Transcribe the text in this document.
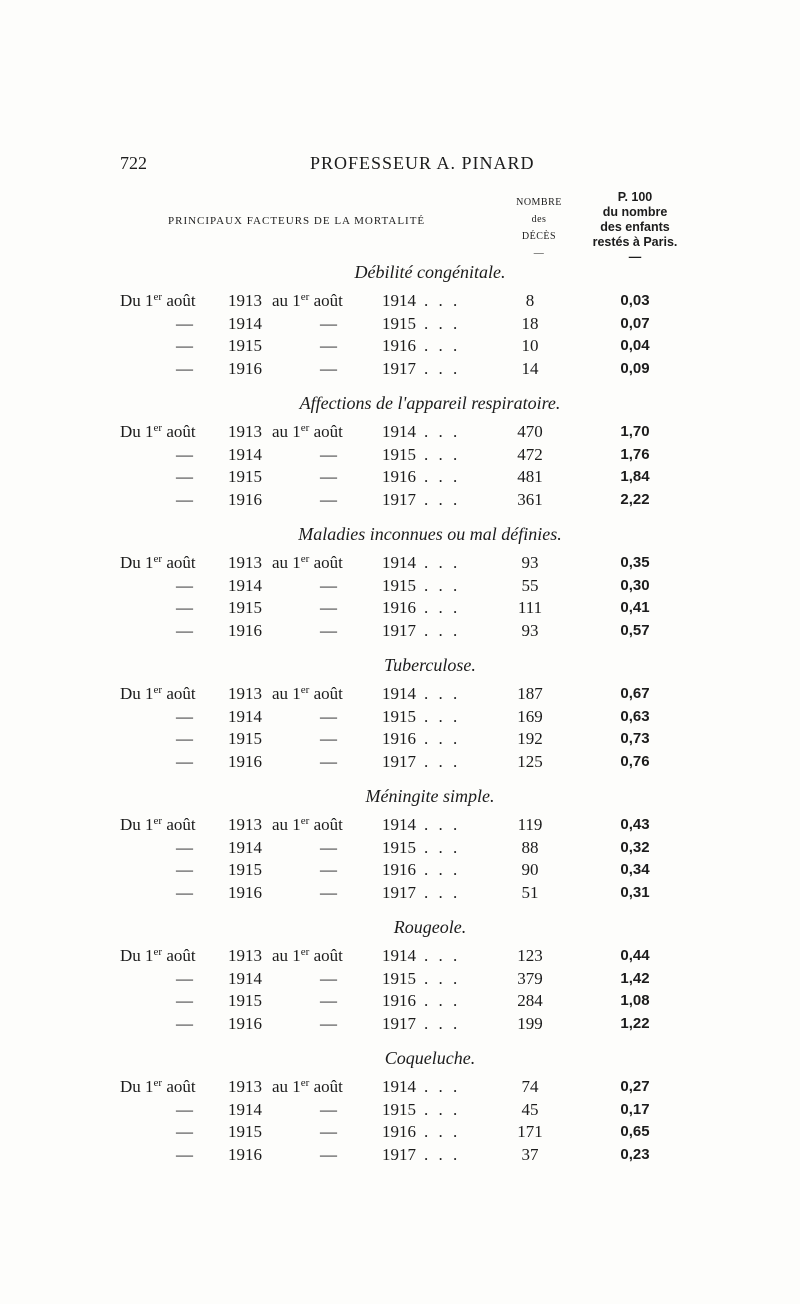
722	PROFESSEUR A. PINARD
PRINCIPAUX FACTEURS DE LA MORTALITÉ
NOMBRE
des
DÉCÈS
—
P. 100
du nombre
des enfants
restés à Paris.
—
Débilité congénitale.
Du 1er août 1913 au 1er août 1914 . . .	8	0,03
— 1914	—	1915 . . .	18	0,07
— 1915	—	1916 . . .	10	0,04
— 1916	—	1917 . . .	14	0,09
Affections de l'appareil respiratoire.
Du 1er août 1913 au 1er août 1914 . . .	470	1,70
— 1914	—	1915 . . .	472	1,76
— 1915	—	1916 . . .	481	1,84
— 1916	—	1917 . . .	361	2,22
Maladies inconnues ou mal définies.
Du 1er août 1913 au 1er août 1914 . . .	93	0,35
— 1914	—	1915 . . .	55	0,30
— 1915	—	1916 . . .	111	0,41
— 1916	—	1917 . . .	93	0,57
Tuberculose.
Du 1er août 1913 au 1er août 1914 . . .	187	0,67
— 1914	—	1915 . . .	169	0,63
— 1915	—	1916 . . .	192	0,73
— 1916	—	1917 . . .	125	0,76
Méningite simple.
Du 1er août 1913 au 1er août 1914 . . .	119	0,43
— 1914	—	1915 . . .	88	0,32
— 1915	—	1916 . . .	90	0,34
— 1916	—	1917 . . .	51	0,31
Rougeole.
Du 1er août 1913 au 1er août 1914 . . .	123	0,44
— 1914	—	1915 . . .	379	1,42
— 1915	—	1916 . . .	284	1,08
— 1916	—	1917 . . .	199	1,22
Coqueluche.
Du 1er août 1913 au 1er août 1914 . . .	74	0,27
— 1914	—	1915 . . .	45	0,17
— 1915	—	1916 . . .	171	0,65
— 1916	—	1917 . . .	37	0,23
